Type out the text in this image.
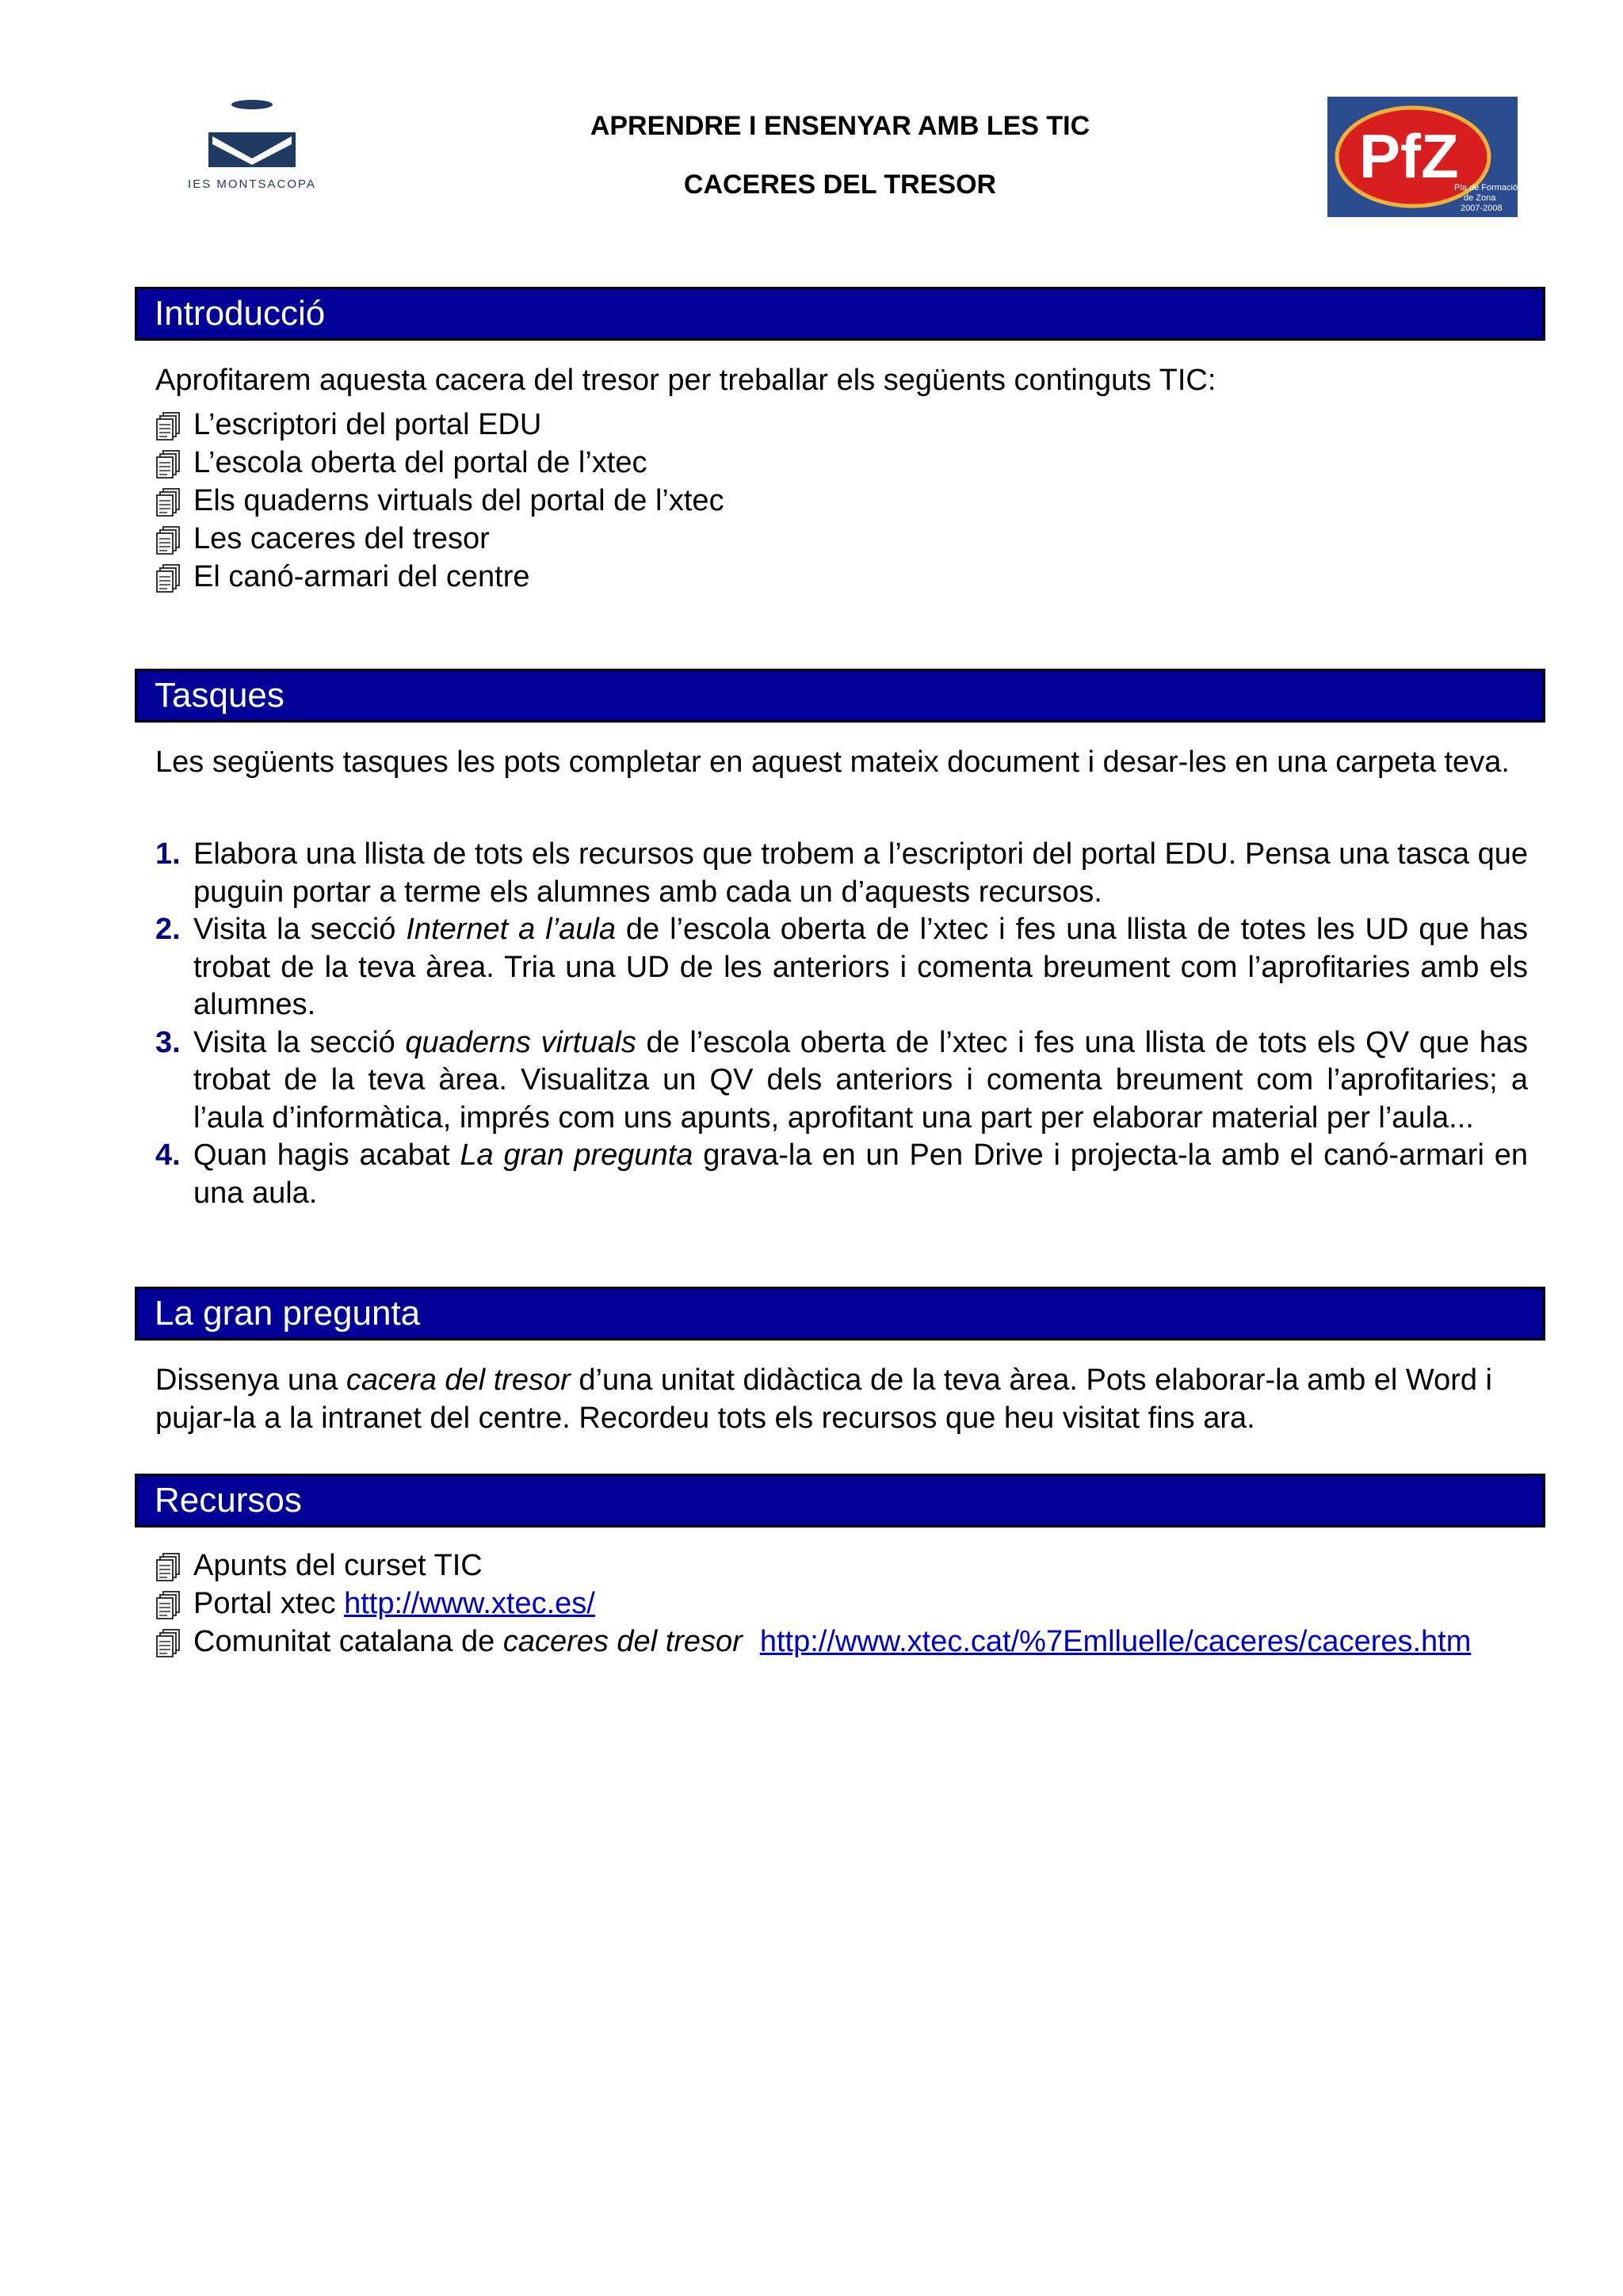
IES MONTSACOPA
APRENDRE I ENSENYAR AMB LES TIC
CACERES DEL TRESOR	PfZ
Pla de Formació
de Zona
2007-2008
Introducció
Aprofitarem aquesta cacera del tresor per treballar els següents continguts TIC:
L’escriptori del portal EDU
L’escola oberta del portal de l’xtec
Els quaderns virtuals del portal de l’xtec
Les caceres del tresor
El canó-armari del centre
Tasques
Les següents tasques les pots completar en aquest mateix document i desar-les en una carpeta teva.
1. Elabora una llista de tots els recursos que trobem a l’escriptori del portal EDU. Pensa una tasca que puguin portar a terme els alumnes amb cada un d’aquests recursos.
2. Visita la secció Internet a l’aula de l’escola oberta de l’xtec i fes una llista de totes les UD que has trobat de la teva àrea. Tria una UD de les anteriors i comenta breument com l’aprofitaries amb els alumnes.
3. Visita la secció quaderns virtuals de l’escola oberta de l’xtec i fes una llista de tots els QV que has trobat de la teva àrea. Visualitza un QV dels anteriors i comenta breument com l’aprofitaries; a l’aula d’informàtica, imprés com uns apunts, aprofitant una part per elaborar material per l’aula...
4. Quan hagis acabat La gran pregunta grava-la en un Pen Drive i projecta-la amb el canó-armari en una aula.
La gran pregunta
Dissenya una cacera del tresor d’una unitat didàctica de la teva àrea. Pots elaborar-la amb el Word i pujar-la a la intranet del centre. Recordeu tots els recursos que heu visitat fins ara.
Recursos
Apunts del curset TIC
Portal xtec http://www.xtec.es/
Comunitat catalana de caceres del tresor http://www.xtec.cat/%7Emlluelle/caceres/caceres.htm
